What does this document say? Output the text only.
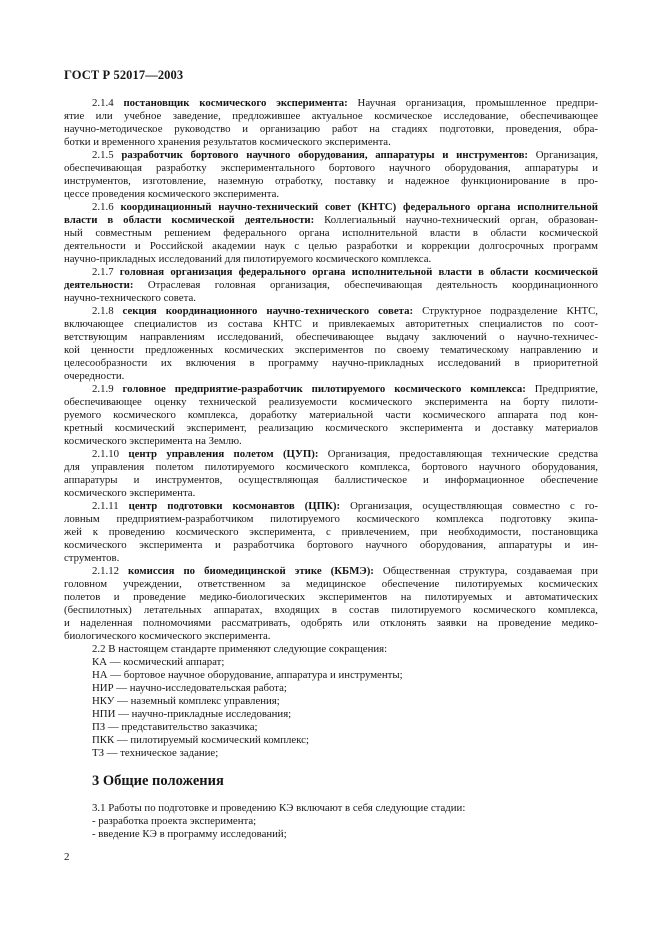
ГОСТ Р 52017—2003
2.1.4 постановщик космического эксперимента: Научная организация, промышленное предпри-
ятие или учебное заведение, предложившее актуальное космическое исследование, обеспечивающее
научно-методическое руководство и организацию работ на стадиях подготовки, проведения, обра-
ботки и временного хранения результатов космического эксперимента.
2.1.5 разработчик бортового научного оборудования, аппаратуры и инструментов: Организация,
обеспечивающая разработку экспериментального бортового научного оборудования, аппаратуры и
инструментов, изготовление, наземную отработку, поставку и надежное функционирование в про-
цессе проведения космического эксперимента.
2.1.6 координационный научно-технический совет (КНТС) федерального органа исполнительной
власти в области космической деятельности: Коллегиальный научно-технический орган, образован-
ный совместным решением федерального органа исполнительной власти в области космической
деятельности и Российской академии наук с целью разработки и коррекции долгосрочных программ
научно-прикладных исследований для пилотируемого космического комплекса.
2.1.7 головная организация федерального органа исполнительной власти в области космической
деятельности: Отраслевая головная организация, обеспечивающая деятельность координационного
научно-технического совета.
2.1.8 секция координационного научно-технического совета: Структурное подразделение КНТС,
включающее специалистов из состава КНТС и привлекаемых авторитетных специалистов по соот-
ветствующим направлениям исследований, обеспечивающее выдачу заключений о научно-техничес-
кой ценности предложенных космических экспериментов по своему тематическому направлению и
целесообразности их включения в программу научно-прикладных исследований в приоритетной
очередности.
2.1.9 головное предприятие-разработчик пилотируемого космического комплекса: Предприятие,
обеспечивающее оценку технической реализуемости космического эксперимента на борту пилоти-
руемого космического комплекса, доработку материальной части космического аппарата под кон-
кретный космический эксперимент, реализацию космического эксперимента и доставку материалов
космического эксперимента на Землю.
2.1.10 центр управления полетом (ЦУП): Организация, предоставляющая технические средства
для управления полетом пилотируемого космического комплекса, бортового научного оборудования,
аппаратуры и инструментов, осуществляющая баллистическое и информационное обеспечение
космического эксперимента.
2.1.11 центр подготовки космонавтов (ЦПК): Организация, осуществляющая совместно с го-
ловным предприятием-разработчиком пилотируемого космического комплекса подготовку экипа-
жей к проведению космического эксперимента, с привлечением, при необходимости, постановщика
космического эксперимента и разработчика бортового научного оборудования, аппаратуры и ин-
струментов.
2.1.12 комиссия по биомедицинской этике (КБМЭ): Общественная структура, создаваемая при
головном учреждении, ответственном за медицинское обеспечение пилотируемых космических
полетов и проведение медико-биологических экспериментов на пилотируемых и автоматических
(беспилотных) летательных аппаратах, входящих в состав пилотируемого космического комплекса,
и наделенная полномочиями рассматривать, одобрять или отклонять заявки на проведение медико-
биологического космического эксперимента.
2.2 В настоящем стандарте применяют следующие сокращения:
КА — космический аппарат;
НА — бортовое научное оборудование, аппаратура и инструменты;
НИР — научно-исследовательская работа;
НКУ — наземный комплекс управления;
НПИ — научно-прикладные исследования;
ПЗ — представительство заказчика;
ПКК — пилотируемый космический комплекс;
ТЗ — техническое задание;
3 Общие положения
3.1 Работы по подготовке и проведению КЭ включают в себя следующие стадии:
- разработка проекта эксперимента;
- введение КЭ в программу исследований;
2
